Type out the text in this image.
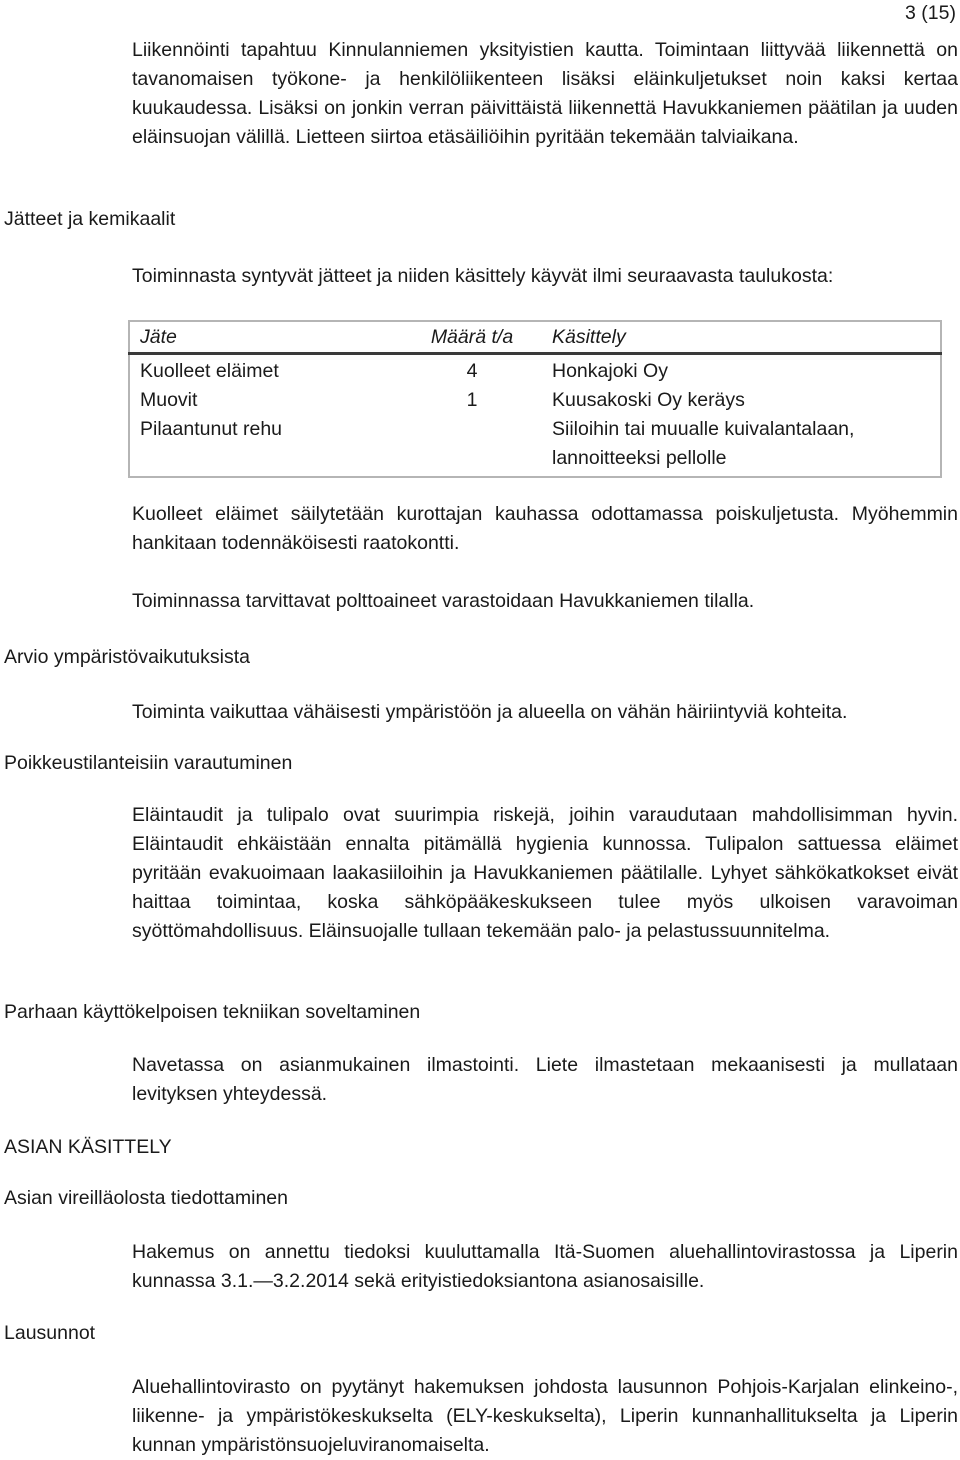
3 (15)

Liikennöinti tapahtuu Kinnulanniemen yksityistien kautta. Toimintaan liittyvää liikennettä on tavanomaisen työkone- ja henkilöliikenteen lisäksi eläinkuljetukset noin kaksi kertaa kuukaudessa. Lisäksi on jonkin verran päivittäistä liikennettä Havukkaniemen päätilan ja uuden eläinsuojan välillä. Lietteen siirtoa etäsäiliöihin pyritään tekemään talviaikana.

Jätteet ja kemikaalit
Toiminnasta syntyvät jätteet ja niiden käsittely käyvät ilmi seuraavasta taulukosta:
Jäte	Määrä t/a	Käsittely
Kuolleet eläimet	4	Honkajoki Oy
Muovit	1	Kuusakoski Oy keräys
Pilaantunut rehu		Siiloihin tai muualle kuivalantalaan, lannoitteeksi pellolle

Kuolleet eläimet säilytetään kurottajan kauhassa odottamassa poiskuljetusta. Myöhemmin hankitaan todennäköisesti raatokontti.

Toiminnassa tarvittavat polttoaineet varastoidaan Havukkaniemen tilalla.
Arvio ympäristövaikutuksista
Toiminta vaikuttaa vähäisesti ympäristöön ja alueella on vähän häiriintyviä kohteita.
Poikkeustilanteisiin varautuminen

Eläintaudit ja tulipalo ovat suurimpia riskejä, joihin varaudutaan mahdollisimman hyvin. Eläintaudit ehkäistään ennalta pitämällä hygienia kunnossa. Tulipalon sattuessa eläimet pyritään evakuoimaan laakasiiloihin ja Havukkaniemen päätilalle. Lyhyet sähkökatkokset eivät haittaa toimintaa, koska sähköpääkeskukseen tulee myös ulkoisen varavoiman syöttömahdollisuus. Eläinsuojalle tullaan tekemään palo- ja pelastussuunnitelma.

Parhaan käyttökelpoisen tekniikan soveltaminen

Navetassa on asianmukainen ilmastointi. Liete ilmastetaan mekaanisesti ja mullataan levityksen yhteydessä.

ASIAN KÄSITTELY
Asian vireilläolosta tiedottaminen

Hakemus on annettu tiedoksi kuuluttamalla Itä-Suomen aluehallintovirastossa ja Liperin kunnassa 3.1.―3.2.2014 sekä erityistiedoksiantona asianosaisille.

Lausunnot

Aluehallintovirasto on pyytänyt hakemuksen johdosta lausunnon Pohjois-Karjalan elinkeino-, liikenne- ja ympäristökeskukselta (ELY-keskukselta), Liperin kunnanhallitukselta ja Liperin kunnan ympäristönsuojeluviranomaiselta.
